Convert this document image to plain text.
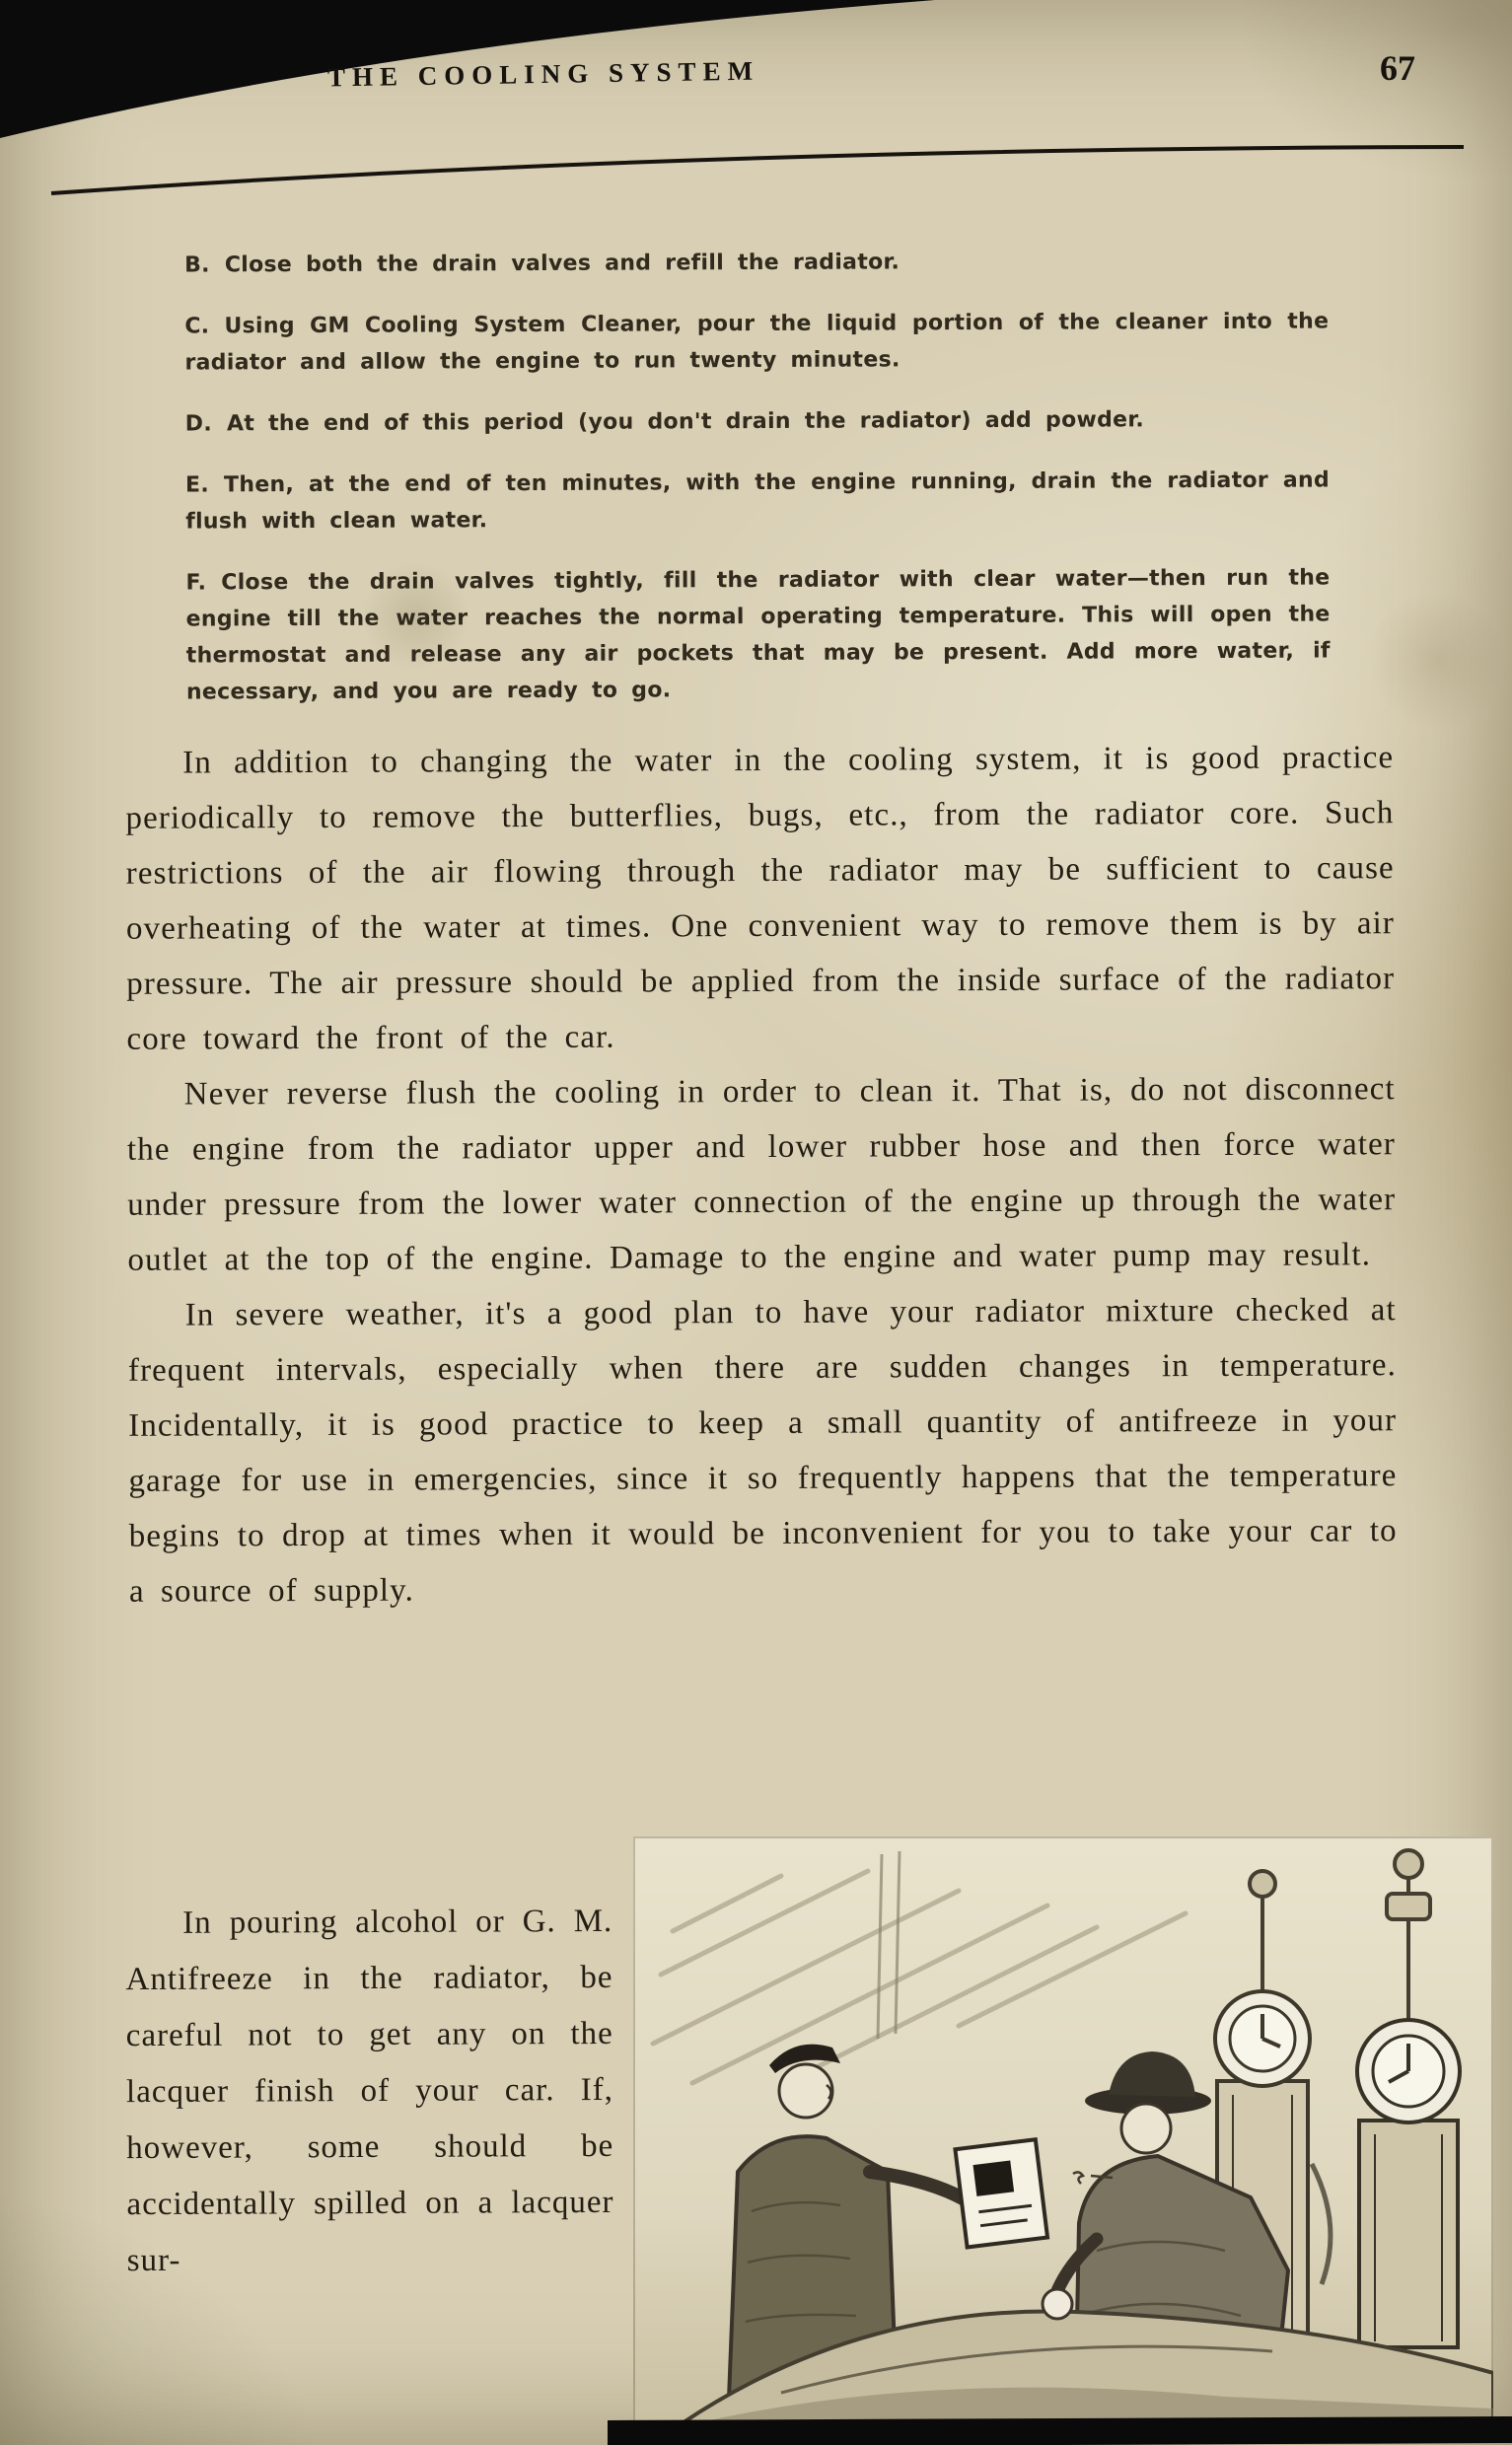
THE COOLING SYSTEM	67

B. Close both the drain valves and refill the radiator.

C. Using GM Cooling System Cleaner, pour the liquid portion of the cleaner into the radiator and allow the engine to run twenty minutes.

D. At the end of this period (you don't drain the radiator) add powder.

E. Then, at the end of ten minutes, with the engine running, drain the radiator and flush with clean water.

F. Close the drain valves tightly, fill the radiator with clear water—then run the engine till the water reaches the normal operating temperature. This will open the thermostat and release any air pockets that may be present. Add more water, if necessary, and you are ready to go.

In addition to changing the water in the cooling system, it is good practice periodically to remove the butterflies, bugs, etc., from the radiator core. Such restrictions of the air flowing through the radiator may be sufficient to cause overheating of the water at times. One convenient way to remove them is by air pressure. The air pressure should be applied from the inside surface of the radiator core toward the front of the car.

Never reverse flush the cooling in order to clean it. That is, do not disconnect the engine from the radiator upper and lower rubber hose and then force water under pressure from the lower water connection of the engine up through the water outlet at the top of the engine. Damage to the engine and water pump may result.

In severe weather, it's a good plan to have your radiator mixture checked at frequent intervals, especially when there are sudden changes in temperature. Incidentally, it is good practice to keep a small quantity of antifreeze in your garage for use in emergencies, since it so frequently happens that the temperature begins to drop at times when it would be inconvenient for you to take your car to a source of supply.

In pouring alcohol or G. M. Antifreeze in the radiator, be careful not to get any on the lacquer finish of your car. If, however, some should be accidentally spilled on a lacquer sur-
